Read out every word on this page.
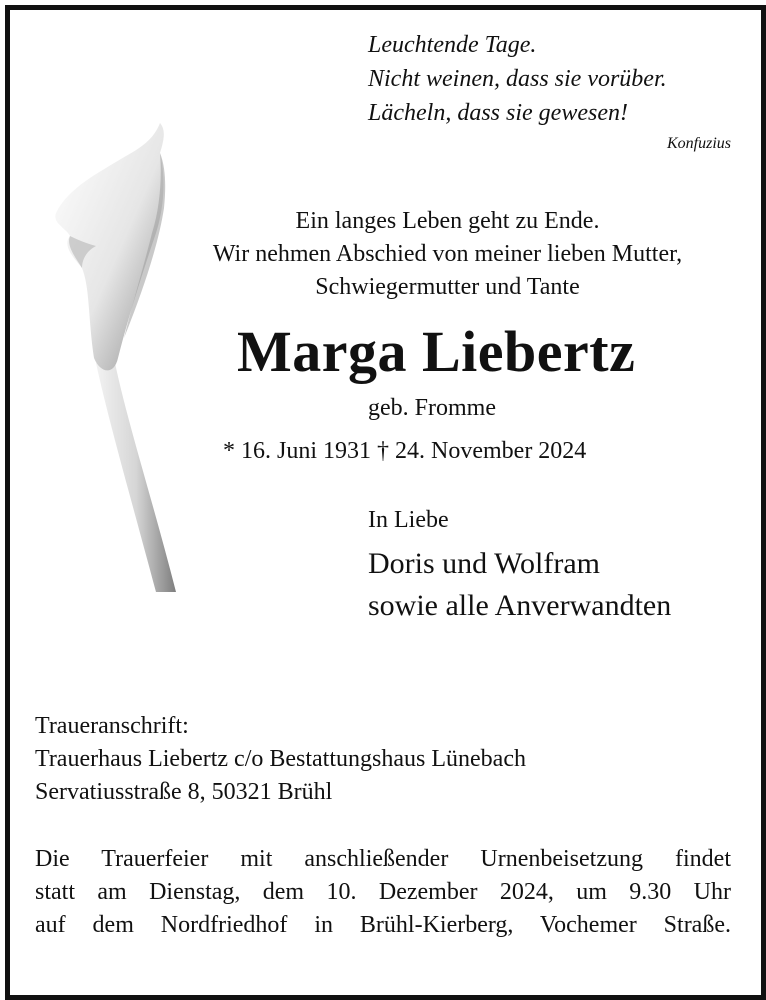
Leuchtende Tage.
Nicht weinen, dass sie vorüber.
Lächeln, dass sie gewesen!
Konfuzius
Ein langes Leben geht zu Ende.
Wir nehmen Abschied von meiner lieben Mutter,
Schwiegermutter und Tante
Marga Liebertz
geb. Fromme
* 16. Juni 1931 † 24. November 2024
In Liebe
Doris und Wolfram
sowie alle Anverwandten
Traueranschrift:
Trauerhaus Liebertz c/o Bestattungshaus Lünebach
Servatiusstraße 8, 50321 Brühl
Die Trauerfeier mit anschließender Urnenbeisetzung findet
statt am Dienstag, dem 10. Dezember 2024, um 9.30 Uhr
auf dem Nordfriedhof in Brühl-Kierberg, Vochemer Straße.
